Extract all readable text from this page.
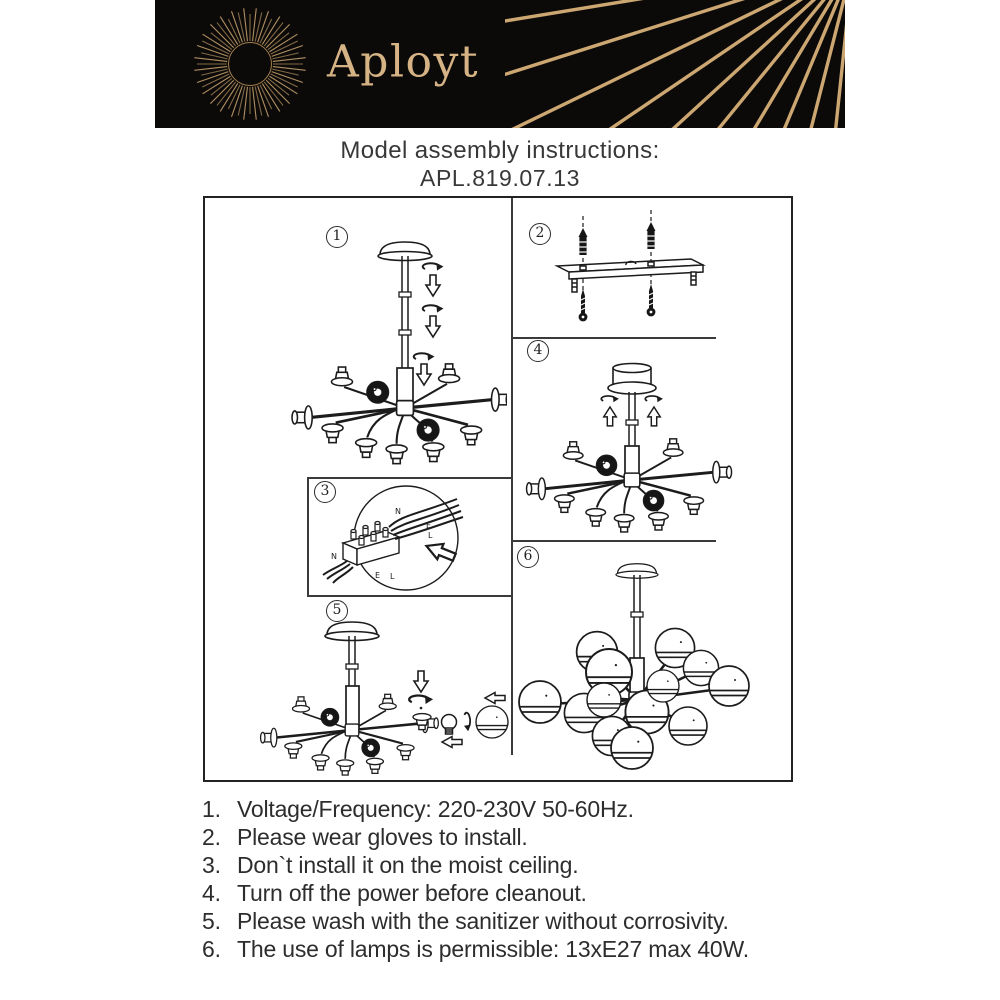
Aployt
Model assembly instructions:
APL.819.07.13
1	2
3
4
5
6
N
E
L
N
E L
1. Voltage/Frequency: 220-230V 50-60Hz.
2. Please wear gloves to install.
3. Don`t install it on the moist ceiling.
4. Turn off the power before cleanout.
5. Please wash with the sanitizer without corrosivity.
6. The use of lamps is permissible: 13xE27 max 40W.
